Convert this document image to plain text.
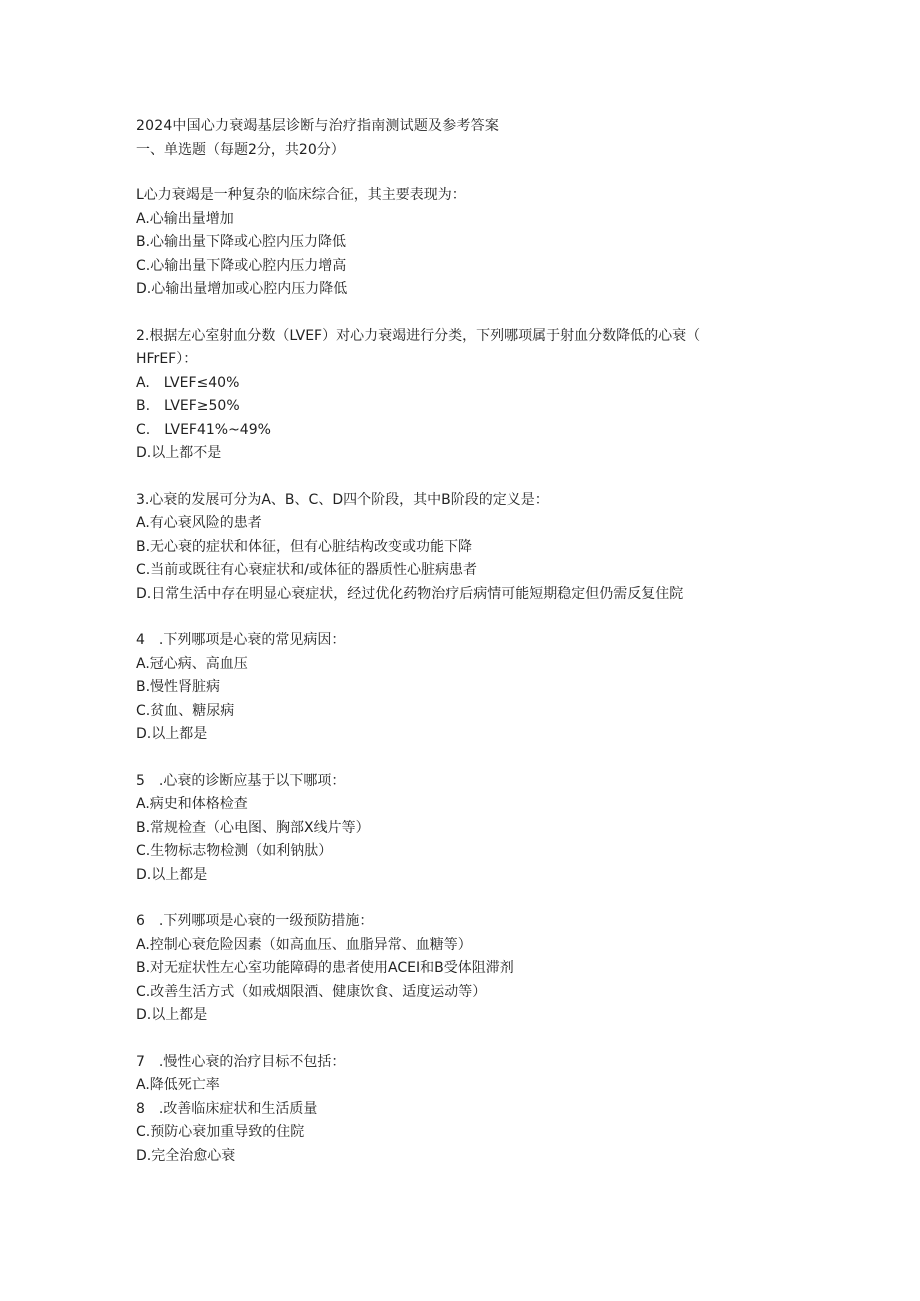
2024中国心力衰竭基层诊断与治疗指南测试题及参考答案
一、单选题（每题2分，共20分）
L心力衰竭是一种复杂的临床综合征，其主要表现为：
A.心输出量增加
B.心输出量下降或心腔内压力降低
C.心输出量下降或心腔内压力增高
D.心输出量增加或心腔内压力降低
2.根据左心室射血分数（LVEF）对心力衰竭进行分类，下列哪项属于射血分数降低的心衰（
HFrEF）：
A.　LVEF≤40%
B.　LVEF≥50%
C.　LVEF41%~49%
D.以上都不是
3.心衰的发展可分为A、B、C、D四个阶段，其中B阶段的定义是：
A.有心衰风险的患者
B.无心衰的症状和体征，但有心脏结构改变或功能下降
C.当前或既往有心衰症状和/或体征的器质性心脏病患者
D.日常生活中存在明显心衰症状，经过优化药物治疗后病情可能短期稳定但仍需反复住院
4　.下列哪项是心衰的常见病因：
A.冠心病、高血压
B.慢性肾脏病
C.贫血、糖尿病
D.以上都是
5　.心衰的诊断应基于以下哪项：
A.病史和体格检查
B.常规检查（心电图、胸部X线片等）
C.生物标志物检测（如利钠肽）
D.以上都是
6　.下列哪项是心衰的一级预防措施：
A.控制心衰危险因素（如高血压、血脂异常、血糖等）
B.对无症状性左心室功能障碍的患者使用ACEI和B受体阻滞剂
C.改善生活方式（如戒烟限酒、健康饮食、适度运动等）
D.以上都是
7　.慢性心衰的治疗目标不包括：
A.降低死亡率
8　.改善临床症状和生活质量
C.预防心衰加重导致的住院
D.完全治愈心衰
